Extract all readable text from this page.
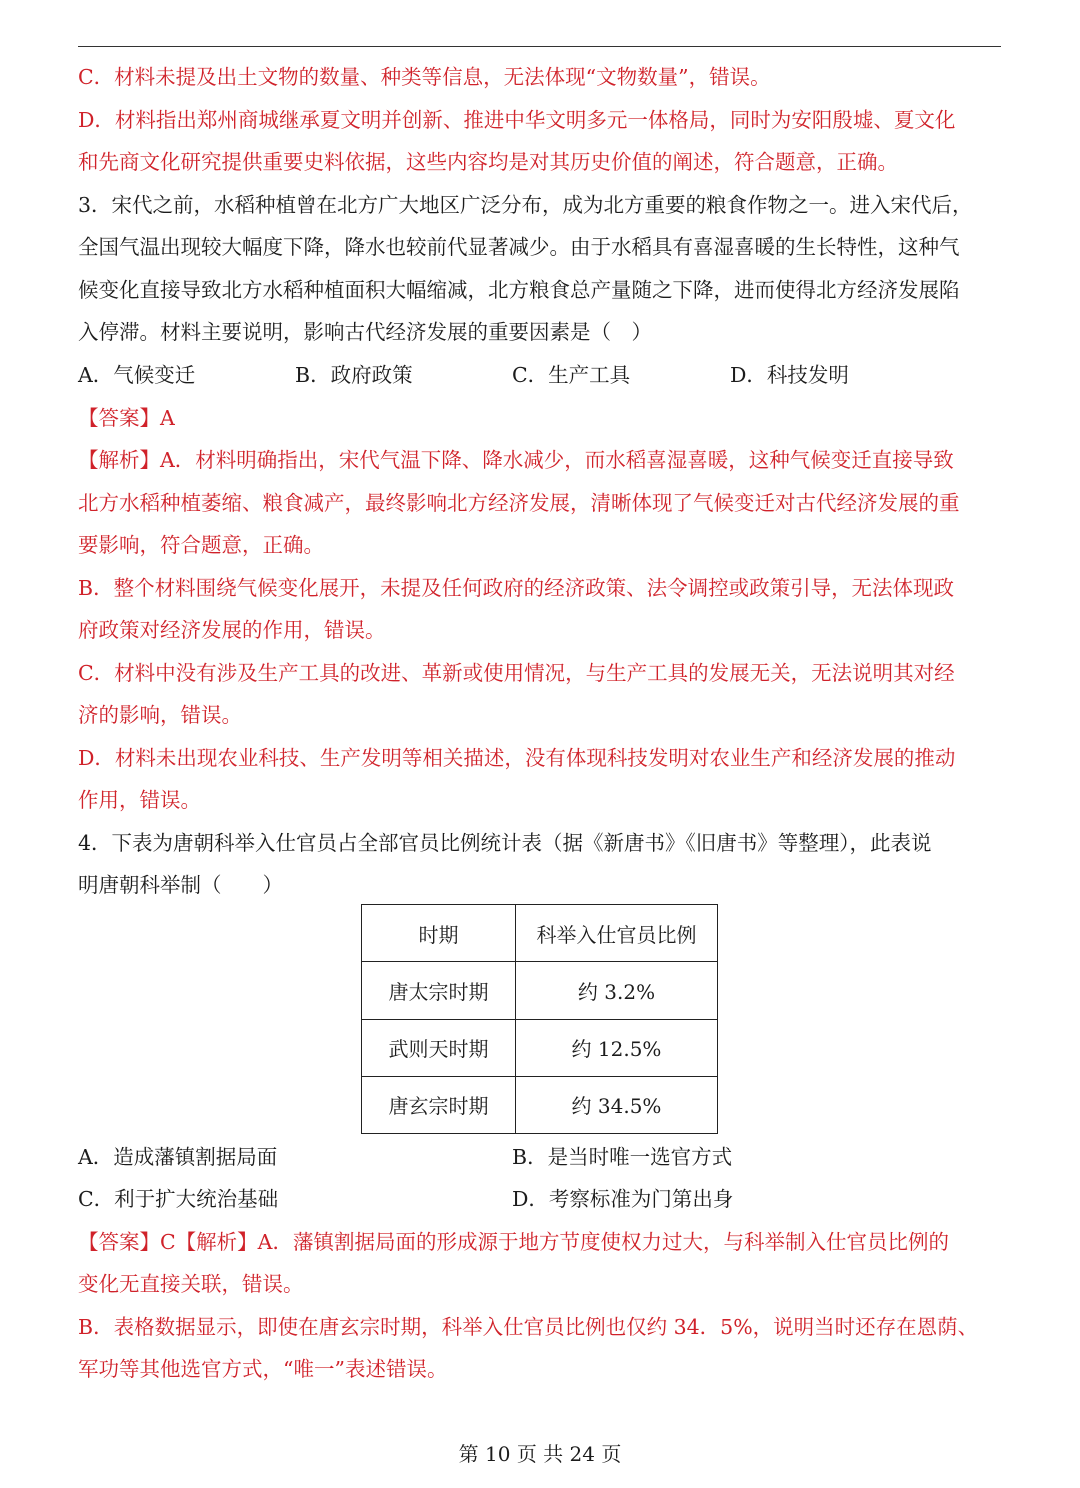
C．材料未提及出土文物的数量、种类等信息，无法体现“文物数量”，错误。
D．材料指出郑州商城继承夏文明并创新、推进中华文明多元一体格局，同时为安阳殷墟、夏文化
和先商文化研究提供重要史料依据，这些内容均是对其历史价值的阐述，符合题意，正确。
3．宋代之前，水稻种植曾在北方广大地区广泛分布，成为北方重要的粮食作物之一。进入宋代后，
全国气温出现较大幅度下降，降水也较前代显著减少。由于水稻具有喜湿喜暖的生长特性，这种气
候变化直接导致北方水稻种植面积大幅缩减，北方粮食总产量随之下降，进而使得北方经济发展陷
入停滞。材料主要说明，影响古代经济发展的重要因素是（　）
A．气候变迁	B．政府政策	C．生产工具	D．科技发明
【答案】A
【解析】A．材料明确指出，宋代气温下降、降水减少，而水稻喜湿喜暖，这种气候变迁直接导致
北方水稻种植萎缩、粮食减产，最终影响北方经济发展，清晰体现了气候变迁对古代经济发展的重
要影响，符合题意，正确。
B．整个材料围绕气候变化展开，未提及任何政府的经济政策、法令调控或政策引导，无法体现政
府政策对经济发展的作用，错误。
C．材料中没有涉及生产工具的改进、革新或使用情况，与生产工具的发展无关，无法说明其对经
济的影响，错误。
D．材料未出现农业科技、生产发明等相关描述，没有体现科技发明对农业生产和经济发展的推动
作用，错误。
4．下表为唐朝科举入仕官员占全部官员比例统计表（据《新唐书》《旧唐书》等整理），此表说
明唐朝科举制（　　）
时期	科举入仕官员比例
唐太宗时期	约 3.2%
武则天时期	约 12.5%
唐玄宗时期	约 34.5%
A．造成藩镇割据局面	B．是当时唯一选官方式
C．利于扩大统治基础	D．考察标准为门第出身
【答案】C【解析】A．藩镇割据局面的形成源于地方节度使权力过大，与科举制入仕官员比例的
变化无直接关联，错误。
B．表格数据显示，即使在唐玄宗时期，科举入仕官员比例也仅约 34．5%，说明当时还存在恩荫、
军功等其他选官方式，“唯一”表述错误。
第 10 页 共 24 页
